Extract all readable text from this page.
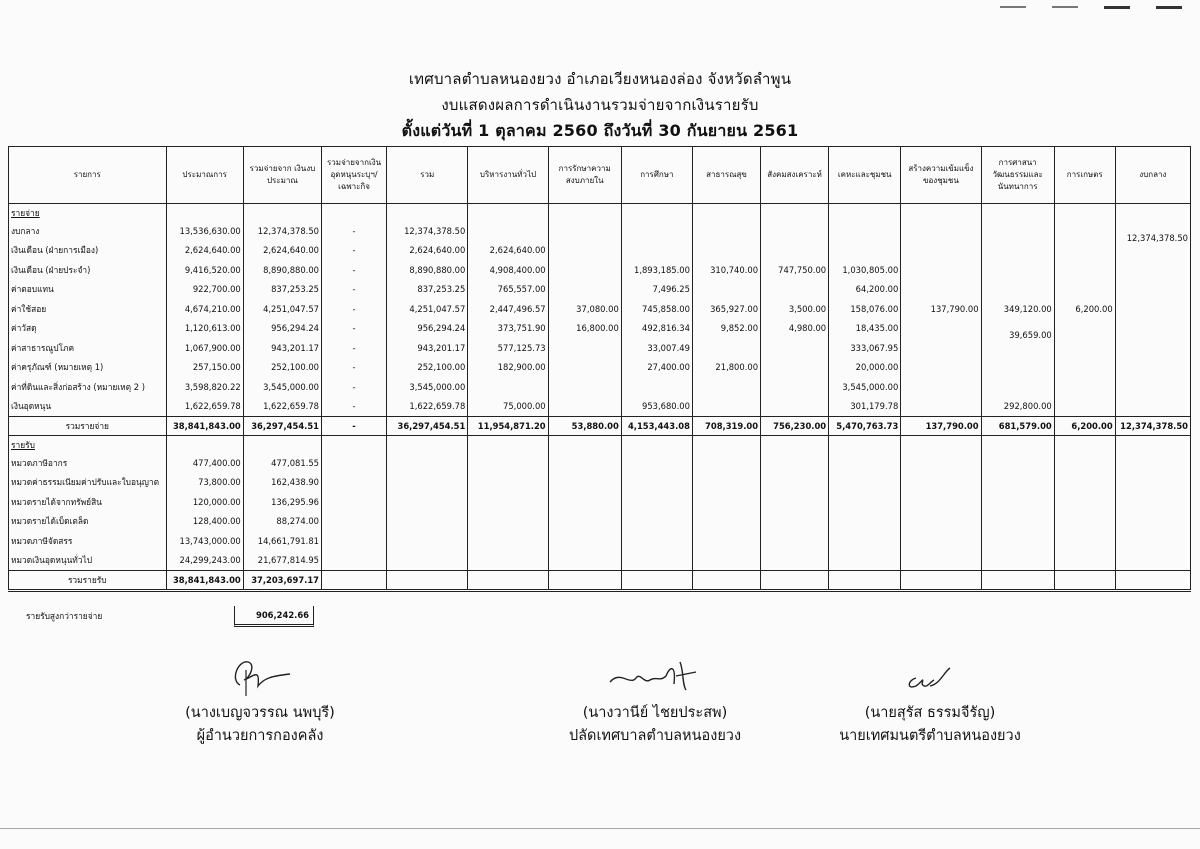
เทศบาลตำบลหนองยวง อำเภอเวียงหนองล่อง จังหวัดลำพูน
งบแสดงผลการดำเนินงานรวมจ่ายจากเงินรายรับ
ตั้งแต่วันที่ 1 ตุลาคม 2560 ถึงวันที่ 30 กันยายน 2561
รายการ	ประมาณการ	รวมจ่ายจาก เงินงบ ประมาณ	รวมจ่ายจากเงิน อุดหนุนระบุฯ/ เฉพาะกิจ	รวม	บริหารงานทั่วไป	การรักษาความ สงบภายใน	การศึกษา	สาธารณสุข	สังคมสงเคราะห์	เคหะและชุมชน	สร้างความเข้มแข็ง ของชุมชน	การศาสนา วัฒนธรรมและ นันทนาการ	การเกษตร	งบกลาง
รายจ่าย														
งบกลาง	13,536,630.00	12,374,378.50	-	12,374,378.50										12,374,378.50
เงินเดือน (ฝ่ายการเมือง)	2,624,640.00	2,624,640.00	-	2,624,640.00	2,624,640.00									
เงินเดือน (ฝ่ายประจำ)	9,416,520.00	8,890,880.00	-	8,890,880.00	4,908,400.00		1,893,185.00	310,740.00	747,750.00	1,030,805.00				
ค่าตอบแทน	922,700.00	837,253.25	-	837,253.25	765,557.00		7,496.25			64,200.00				
ค่าใช้สอย	4,674,210.00	4,251,047.57	-	4,251,047.57	2,447,496.57	37,080.00	745,858.00	365,927.00	3,500.00	158,076.00	137,790.00	349,120.00	6,200.00	
ค่าวัสดุ	1,120,613.00	956,294.24	-	956,294.24	373,751.90	16,800.00	492,816.34	9,852.00	4,980.00	18,435.00		39,659.00		
ค่าสาธารณูปโภค	1,067,900.00	943,201.17	-	943,201.17	577,125.73		33,007.49			333,067.95				
ค่าครุภัณฑ์ (หมายเหตุ 1)	257,150.00	252,100.00	-	252,100.00	182,900.00		27,400.00	21,800.00		20,000.00				
ค่าที่ดินและสิ่งก่อสร้าง (หมายเหตุ 2 )	3,598,820.22	3,545,000.00	-	3,545,000.00						3,545,000.00				
เงินอุดหนุน	1,622,659.78	1,622,659.78	-	1,622,659.78	75,000.00		953,680.00			301,179.78		292,800.00		
รวมรายจ่าย	38,841,843.00	36,297,454.51	-	36,297,454.51	11,954,871.20	53,880.00	4,153,443.08	708,319.00	756,230.00	5,470,763.73	137,790.00	681,579.00	6,200.00	12,374,378.50
รายรับ														
หมวดภาษีอากร	477,400.00	477,081.55												
หมวดค่าธรรมเนียมค่าปรับและใบอนุญาต	73,800.00	162,438.90												
หมวดรายได้จากทรัพย์สิน	120,000.00	136,295.96												
หมวดรายได้เบ็ดเตล็ด	128,400.00	88,274.00												
หมวดภาษีจัดสรร	13,743,000.00	14,661,791.81												
หมวดเงินอุดหนุนทั่วไป	24,299,243.00	21,677,814.95												
รวมรายรับ	38,841,843.00	37,203,697.17												
รายรับสูงกว่ารายจ่าย	906,242.66
(นางเบญจวรรณ นพบุรี)
ผู้อำนวยการกองคลัง
(นางวานีย์ ไชยประสพ)
ปลัดเทศบาลตำบลหนองยวง
(นายสุรัส ธรรมจีรัญ)
นายเทศมนตรีตำบลหนองยวง
